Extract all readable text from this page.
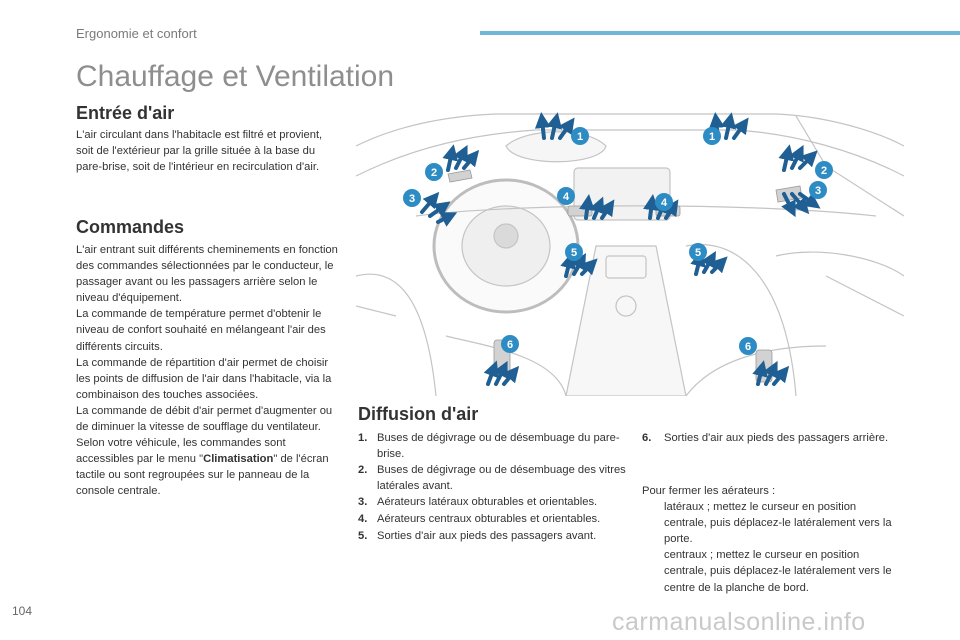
Ergonomie et confort
Chauffage et Ventilation
Entrée d'air

L'air circulant dans l'habitacle est filtré et provient, soit de l'extérieur par la grille située à la base du pare-brise, soit de l'intérieur en recirculation d'air.

Commandes

L'air entrant suit différents cheminements en fonction des commandes sélectionnées par le conducteur, le passager avant ou les passagers arrière selon le niveau d'équipement.

La commande de température permet d'obtenir le niveau de confort souhaité en mélangeant l'air des différents circuits.

La commande de répartition d'air permet de choisir les points de diffusion de l'air dans l'habitacle, via la combinaison des touches associées.

La commande de débit d'air permet d'augmenter ou de diminuer la vitesse de soufflage du ventilateur.

Selon votre véhicule, les commandes sont accessibles par le menu "Climatisation" de l'écran tactile ou sont regroupées sur le panneau de la console centrale.

1	1
2	2
3
3
4	4
5	5
6	6
Diffusion d'air
1. Buses de dégivrage ou de désembuage du pare-brise.
2. Buses de dégivrage ou de désembuage des vitres latérales avant.
3. Aérateurs latéraux obturables et orientables.
4. Aérateurs centraux obturables et orientables.
5. Sorties d'air aux pieds des passagers avant.
6.	Sorties d'air aux pieds des passagers arrière.
Pour fermer les aérateurs :
latéraux ; mettez le curseur en position centrale, puis déplacez-le latéralement vers la porte.
centraux ; mettez le curseur en position centrale, puis déplacez-le latéralement vers le centre de la planche de bord.
104	carmanualsonline.info
